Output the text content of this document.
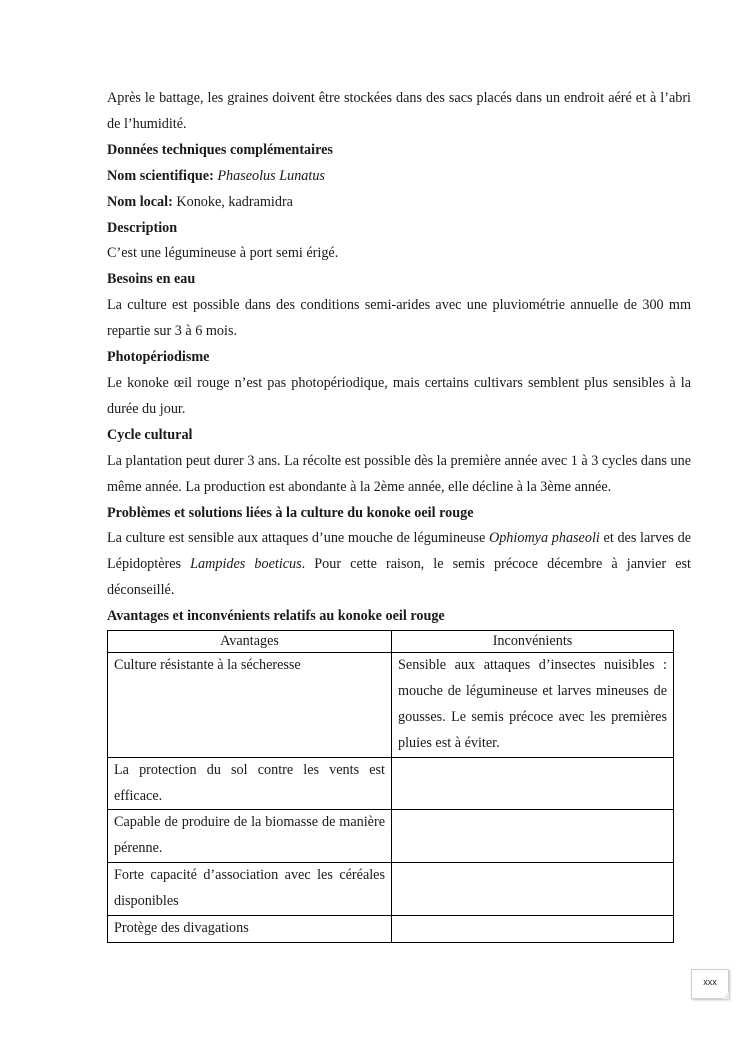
Après le battage, les graines doivent être stockées dans des sacs placés dans un endroit aéré et à l’abri de l’humidité.

Données techniques complémentaires

Nom scientifique: Phaseolus Lunatus

Nom local: Konoke, kadramidra

Description

C’est une légumineuse à port semi érigé.

Besoins en eau

La culture est possible dans des conditions semi-arides avec une pluviométrie annuelle de 300 mm repartie sur 3 à 6 mois.

Photopériodisme

Le konoke œil rouge n’est pas photopériodique, mais certains cultivars semblent plus sensibles à la durée du jour.

Cycle cultural

La plantation peut durer 3 ans. La récolte est possible dès la première année avec 1 à 3 cycles dans une même année. La production est abondante à la 2ème année, elle décline à la 3ème année.

Problèmes et solutions liées à la culture du konoke oeil rouge

La culture est sensible aux attaques d’une mouche de légumineuse Ophiomya phaseoli et des larves de Lépidoptères Lampides boeticus. Pour cette raison, le semis précoce décembre à janvier est déconseillé.

Avantages et inconvénients relatifs au konoke oeil rouge

Avantages	Inconvénients
Culture résistante à la sécheresse	Sensible aux attaques d’insectes nuisibles : mouche de légumineuse et larves mineuses de gousses. Le semis précoce avec les premières pluies est à éviter.
La protection du sol contre les vents est efficace.	
Capable de produire de la biomasse de manière pérenne.	
Forte capacité d’association avec les céréales disponibles	
Protège des divagations	
xxx
